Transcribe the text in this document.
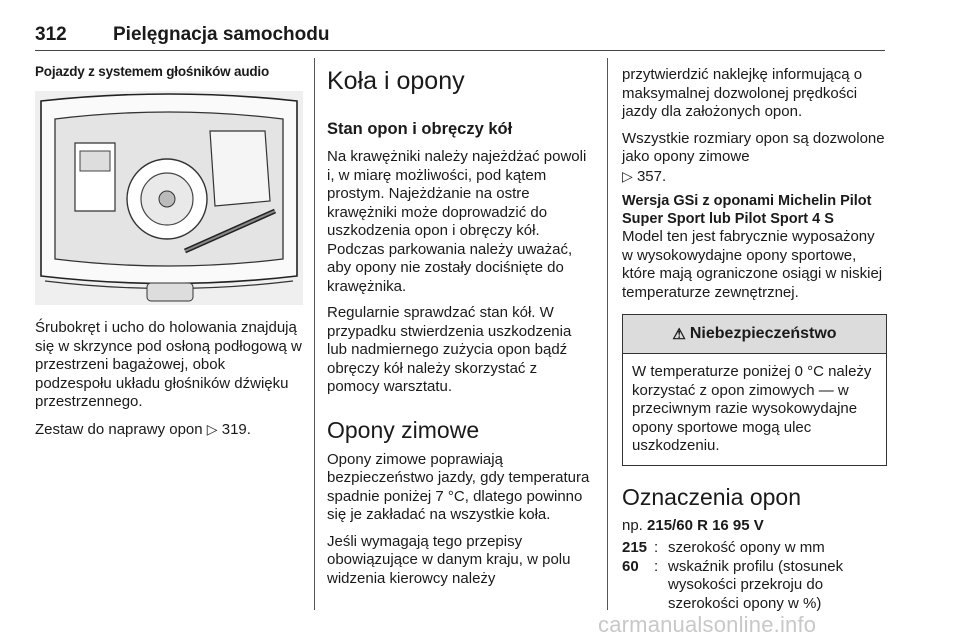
312 Pielęgnacja samochodu
Pojazdy z systemem głośników audio

Śrubokręt i ucho do holowania znajdują się w skrzynce pod osłoną podłogową w przestrzeni bagażowej, obok podzespołu układu głośników dźwięku przestrzennego.

Zestaw do naprawy opon ▷ 319.

Koła i opony
Stan opon i obręczy kół

Na krawężniki należy najeżdżać powoli i, w miarę możliwości, pod kątem prostym. Najeżdżanie na ostre krawężniki może doprowadzić do uszkodzenia opon i obręczy kół. Podczas parkowania należy uważać, aby opony nie zostały dociśnięte do krawężnika.

Regularnie sprawdzać stan kół. W przypadku stwierdzenia uszkodzenia lub nadmiernego zużycia opon bądź obręczy kół należy skorzystać z pomocy warsztatu.

Opony zimowe

Opony zimowe poprawiają bezpieczeństwo jazdy, gdy temperatura spadnie poniżej 7 °C, dlatego powinno się je zakładać na wszystkie koła.

Jeśli wymagają tego przepisy obowiązujące w danym kraju, w polu widzenia kierowcy należy

przytwierdzić naklejkę informującą o maksymalnej dozwolonej prędkości jazdy dla założonych opon.

Wszystkie rozmiary opon są dozwolone jako opony zimowe
▷ 357.

Wersja GSi z oponami Michelin Pilot Super Sport lub Pilot Sport 4 S

Model ten jest fabrycznie wyposażony w wysokowydajne opony sportowe, które mają ograniczone osiągi w niskiej temperaturze zewnętrznej.

⚠ Niebezpieczeństwo

W temperaturze poniżej 0 °C należy korzystać z opon zimowych — w przeciwnym razie wysokowydajne opony sportowe mogą ulec uszkodzeniu.

Oznaczenia opon

np. 215/60 R 16 95 V

215 : szerokość opony w mm
60	: wskaźnik profilu (stosunek wysokości przekroju do szerokości opony w %)
carmanualsonline.info
